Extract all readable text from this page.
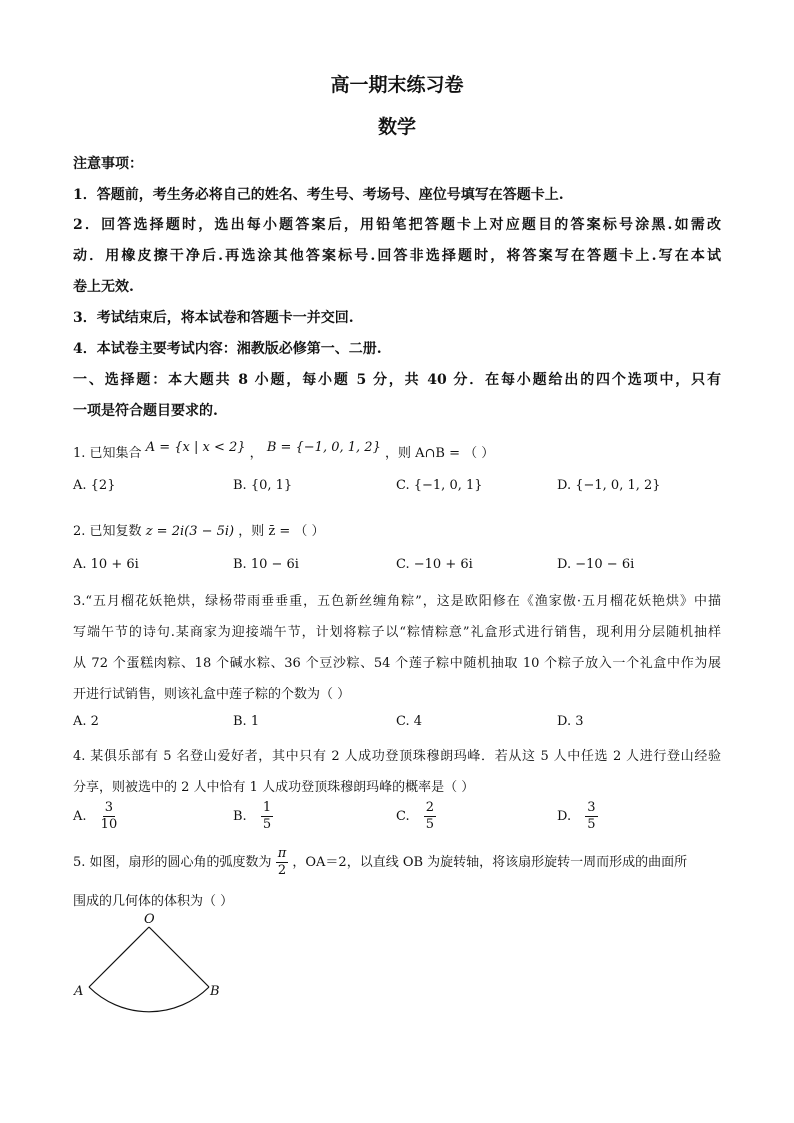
高一期末练习卷
数学
注意事项：
1．答题前，考生务必将自己的姓名、考生号、考场号、座位号填写在答题卡上.
2．回答选择题时，选出每小题答案后，用铅笔把答题卡上对应题目的答案标号涂黑.如需改
动．用橡皮擦干净后.再选涂其他答案标号.回答非选择题时，将答案写在答题卡上.写在本试
卷上无效.
3．考试结束后，将本试卷和答题卡一并交回.
4．本试卷主要考试内容：湘教版必修第一、二册.
一、选择题：本大题共 8 小题，每小题 5 分，共 40 分．在每小题给出的四个选项中，只有
一项是符合题目要求的.
1. 已知集合 A = {x | x < 2} ， B = {−1, 0, 1, 2} ，则 A∩B = （ ）
A. {2}	B. {0, 1}	C. {−1, 0, 1}	D. {−1, 0, 1, 2}
2. 已知复数 z = 2i(3 − 5i) ，则 z̄ = （ ）
A. 10 + 6i	B. 10 − 6i	C. −10 + 6i	D. −10 − 6i
3.“五月榴花妖艳烘，绿杨带雨垂垂重，五色新丝缠角粽”，这是欧阳修在《渔家傲·五月榴花妖艳烘》中描
写端午节的诗句.某商家为迎接端午节，计划将粽子以“粽情粽意”礼盒形式进行销售，现利用分层随机抽样
从 72 个蛋糕肉粽、18 个碱水粽、36 个豆沙粽、54 个莲子粽中随机抽取 10 个粽子放入一个礼盒中作为展
开进行试销售，则该礼盒中莲子粽的个数为（ ）
A. 2	B. 1	C. 4	D. 3
4. 某俱乐部有 5 名登山爱好者，其中只有 2 人成功登顶珠穆朗玛峰．若从这 5 人中任选 2 人进行登山经验
分享，则被选中的 2 人中恰有 1 人成功登顶珠穆朗玛峰的概率是（ ）
A. $\frac{3}{10}$	B. $\frac{1}{5}$	C. $\frac{2}{5}$	D. $\frac{3}{5}$
5. 如图，扇形的圆心角的弧度数为 $\frac{\pi}{2}$ ，OA＝2，以直线 OB 为旋转轴，将该扇形旋转一周而形成的曲面所
围成的几何体的体积为（ ）
O
A	B
